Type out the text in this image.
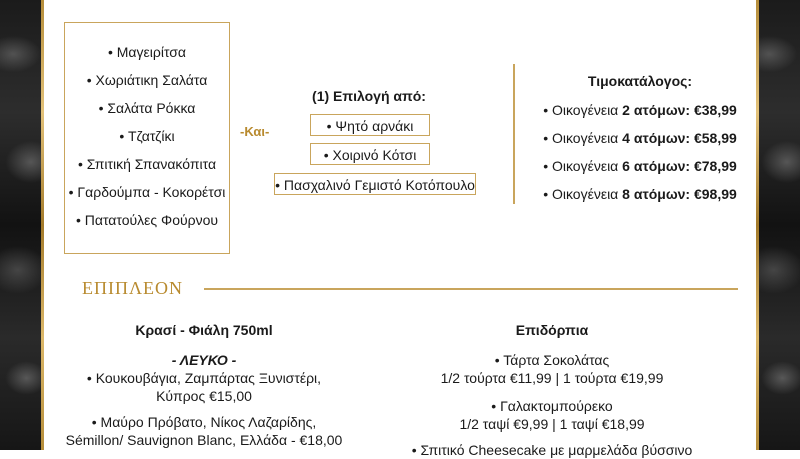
• Μαγειρίτσα
• Χωριάτικη Σαλάτα
• Σαλάτα Ρόκκα
• Τζατζίκι
• Σπιτική Σπανακόπιτα
• Γαρδούμπα - Κοκορέτσι
• Πατατούλες Φούρνου
-Και-
(1) Επιλογή από:
• Ψητό αρνάκι
• Χοιρινό Κότσι
• Πασχαλινό Γεμιστό Κοτόπουλο
Τιμοκατάλογος:
• Οικογένεια 2 ατόμων: €38,99
• Οικογένεια 4 ατόμων: €58,99
• Οικογένεια 6 ατόμων: €78,99
• Οικογένεια 8 ατόμων: €98,99
ΕΠΙΠΛΕΟΝ
Κρασί - Φιάλη 750ml
- ΛΕΥΚΟ -
• Κουκουβάγια, Ζαμπάρτας Ξυνιστέρι,
Κύπρος €15,00
• Μαύρο Πρόβατο, Νίκος Λαζαρίδης,
Sémillon/ Sauvignon Blanc, Ελλάδα - €18,00
Επιδόρπια
• Τάρτα Σοκολάτας
1/2 τούρτα €11,99 | 1 τούρτα €19,99
• Γαλακτομπούρεκο
1/2 ταψί €9,99 | 1 ταψί €18,99
• Σπιτικό Cheesecake με μαρμελάδα βύσσινο
